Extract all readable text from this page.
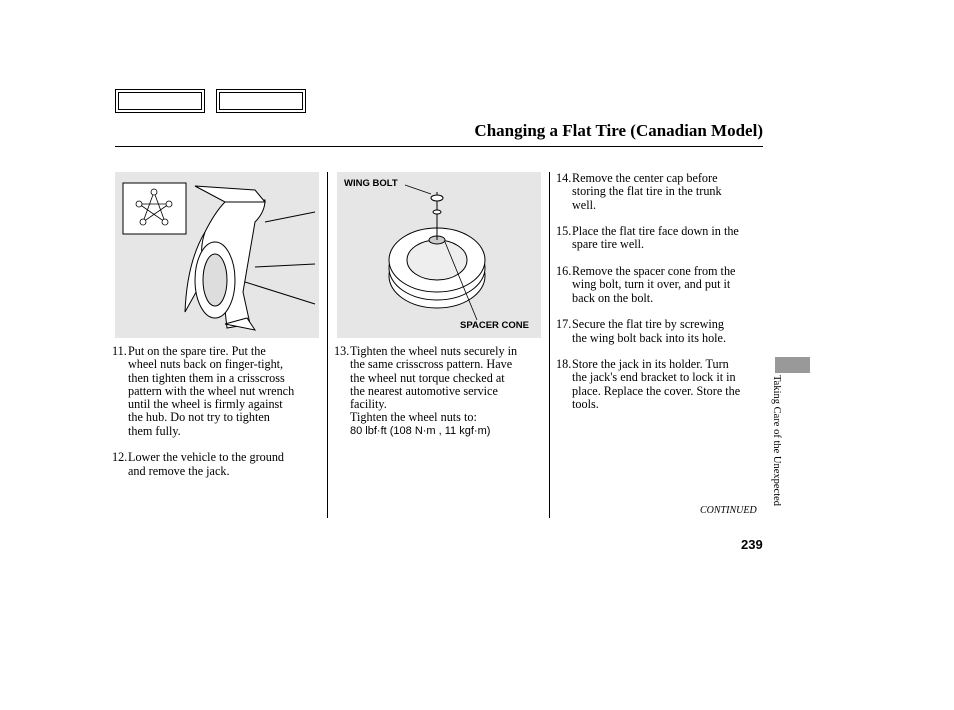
Changing a Flat Tire (Canadian Model)
WING BOLT
SPACER CONE
11. Put on the spare tire. Put the
wheel nuts back on finger-tight,
then tighten them in a crisscross
pattern with the wheel nut wrench
until the wheel is firmly against
the hub. Do not try to tighten
them fully.
12. Lower the vehicle to the ground
and remove the jack.
13. Tighten the wheel nuts securely in
the same crisscross pattern. Have
the wheel nut torque checked at
the nearest automotive service
facility.
Tighten the wheel nuts to:
80 lbf·ft (108 N·m , 11 kgf·m)
14. Remove the center cap before
storing the flat tire in the trunk
well.
15. Place the flat tire face down in the
spare tire well.
16. Remove the spacer cone from the
wing bolt, turn it over, and put it
back on the bolt.
17. Secure the flat tire by screwing
the wing bolt back into its hole.
18. Store the jack in its holder. Turn
the jack's end bracket to lock it in
place. Replace the cover. Store the
tools.	Taking Care of the Unexpected
CONTINUED
239
